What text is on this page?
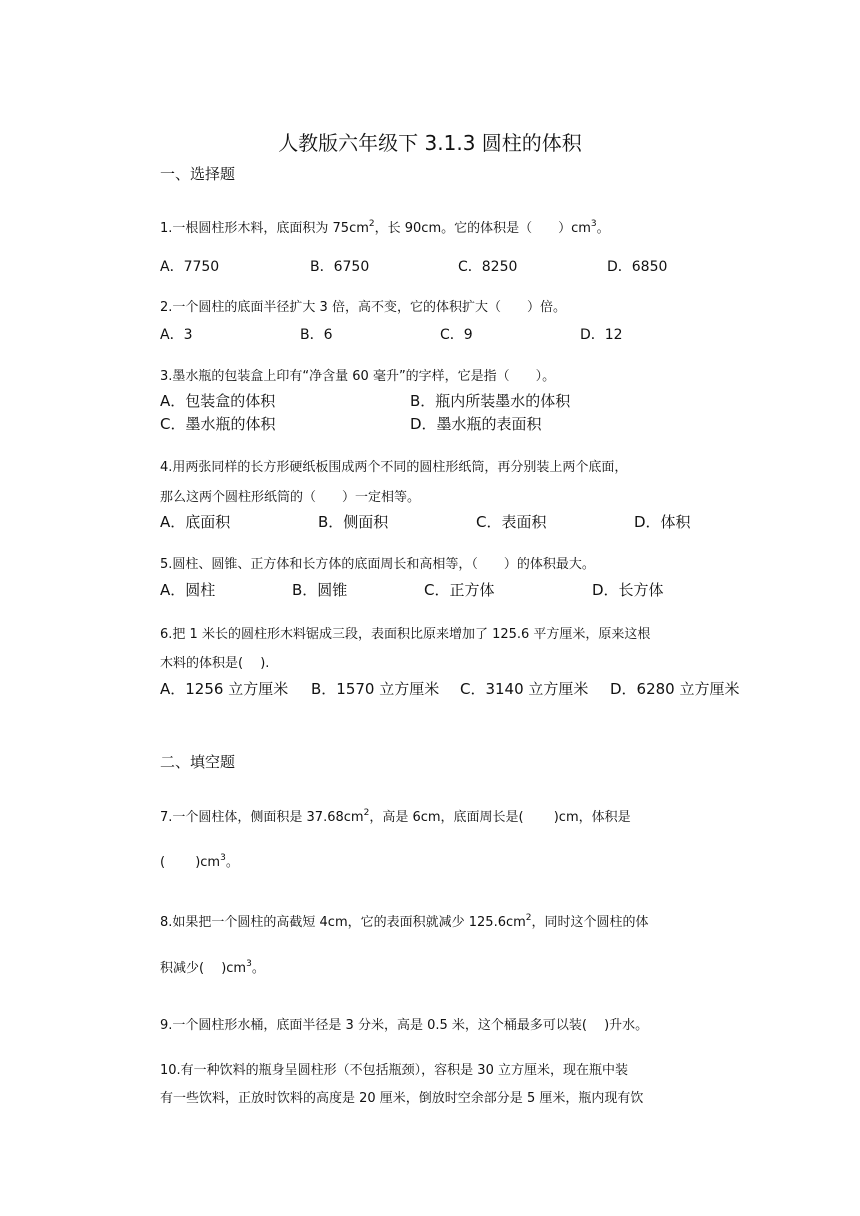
人教版六年级下 3.1.3 圆柱的体积
一、选择题
1.一根圆柱形木料，底面积为 $75cm^2$，长 90cm。它的体积是（　　）$cm^3$。
A．7750	B．6750	C．8250	D．6850
2.一个圆柱的底面半径扩大 3 倍，高不变，它的体积扩大（　　）倍。
A．3	B．6	C．9	D．12
3.墨水瓶的包装盒上印有“净含量 60 毫升”的字样，它是指（　　）。
A．包装盒的体积	B．瓶内所装墨水的体积
C．墨水瓶的体积	D．墨水瓶的表面积
4.用两张同样的长方形硬纸板围成两个不同的圆柱形纸筒，再分别装上两个底面，
那么这两个圆柱形纸筒的（　　）一定相等。
A．底面积	B．侧面积	C．表面积	D．体积
5.圆柱、圆锥、正方体和长方体的底面周长和高相等，（　　）的体积最大。
A．圆柱	B．圆锥	C．正方体	D．长方体
6.把 1 米长的圆柱形木料锯成三段，表面积比原来增加了 125.6 平方厘米，原来这根
木料的体积是(　 ).
A．1256 立方厘米 B．1570 立方厘米 C．3140 立方厘米 D．6280 立方厘米
二、填空题
7.一个圆柱体，侧面积是 $37.68cm^2$，高是 6cm，底面周长是(　　 )cm，体积是
(　　 )$cm^3$。
8.如果把一个圆柱的高截短 4cm，它的表面积就减少 $125.6cm^2$，同时这个圆柱的体
积减少(　 )$cm^3$。
9.一个圆柱形水桶，底面半径是 3 分米，高是 0.5 米，这个桶最多可以装(　 )升水。
10.有一种饮料的瓶身呈圆柱形（不包括瓶颈），容积是 30 立方厘米，现在瓶中装
有一些饮料，正放时饮料的高度是 20 厘米，倒放时空余部分是 5 厘米，瓶内现有饮
